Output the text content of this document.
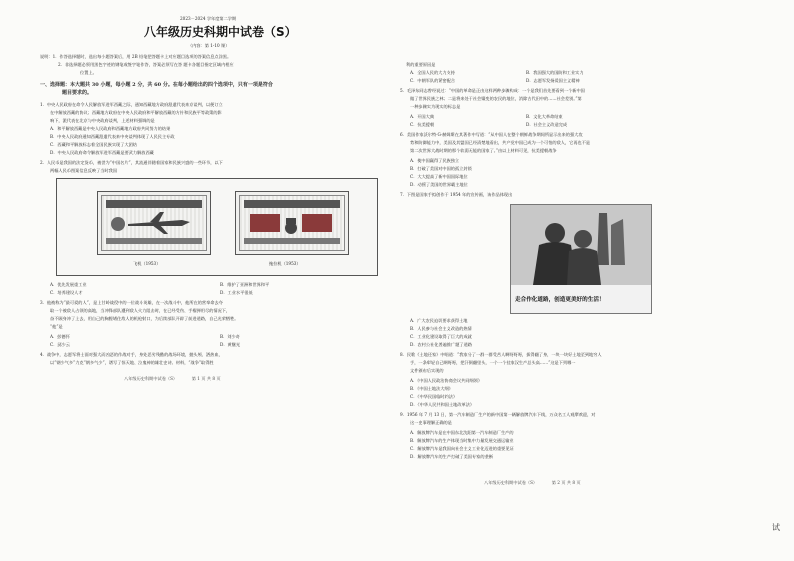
2023－2024 学年度第二学期
八年级历史科期中试卷（S）
（内容：第 1-10 课）
说明：1．作答选择题时，选出每小题答案后，用 2B 铅笔把答题卡上对应题目选项的答案信息点涂黑。
2．非选择题必须用黑色字迹的钢笔或签字笔作答，答案必须写在答 题卡各题目指定区域内相应
位置上。
一、选择题：本大题共 30 小题，每小题 2 分，共 60 分。在每小题给出的四个选项中，只有一项是符合
题目要求的。
1．中央人民政府在命令人民解放军进军西藏之际，通知西藏地方政府派遣代表来京谈判，以便订立
在中解放西藏的协议；西藏地方政府在中央人民政府和平解放西藏的方针和民族平等政策的影
响下，派代表在北京与中央政府谈判，上述材料强调的是
A．和平解放西藏是中央人民政府和西藏地方政府共同努力的结果
B．中央人民政府通知西藏派遣代表来中央谈判体现了人民民主专政
C．西藏和平解放标志着全国民族实现了大团结
D．中央人民政府命令解放军进军西藏是要武力解放西藏
2．人民币是我国的法定货币，被誉为“中国名片”，其流通伴随着国家和民族兴盛的一些环节，以下
两幅人民币图案信息反映了当时我国
飞机（1953）	拖拉机（1953）
A．优先发展重工业	B．维护了亚洲和世界和平
C．培养建设人才	D．工业水平很低
3．他被称为“最可爱的人”，是上甘岭战役中的一位战斗英雄，在一次战斗中，他所在的营奉命去夺
取一个被敌人占领的高地，当冲锋部队遭到敌人火力阻击时，在已经受伤、手榴弹用尽的情况下，
奋不顾身冲了上去，用自己的胸膛堵住敌人的机枪射口，为后续部队开辟了前进道路，自己光荣牺牲。
“他”是
A．彭德怀	B．刘少奇
C．邱少云	D．黄继光
4．战争中，志愿军将士面对强大而凶恶的作战对手，身处恶劣残酷的战场环境，抛头颅、洒热血，
以“钢少气多”力克“钢多气少”，谱写了惊天地、泣鬼神的雄壮史诗。材料，“战争”取得胜
八年级历史科期中试卷（S）　　　　第 1 页 共 8 页
利的重要原因是
A．全国人民的大力支持	B．我国强大的国防和工业实力
C．中朝军队的紧密配合	D．志愿军发扬爱国主义精神
5．毛泽东同志曾经说过：“中国的革命是正由这样两种步骤构成：一个是我们首先要看到一个新中国
做了世界民族之林；二是将来处于社会嬗变的农民的地位，消除古代田中的……社会差别。”第
一种步骤实为现实的标志是
A．开国大典	B．文化大革命结束
C．抗美援朝	D．社会主义改造完成
6．美国作家沃尔特·G·赫姆斯在其著作中写道：“从中国人在整个朝鲜战争期间所显示出来的强大攻
势和防御能力中，美国及其盟国已经清楚地看出，共产党中国已成为一个可怕的敌人，它再也不是
第二次世界大战时期的那个软弱无能的国家了。”由以上材料可见，抗美援朝战争
A．使中国赢得了民族独立
B．打破了美国对中国的孤立封锁
C．大大提高了新中国国际地位
D．动摇了美国的世界霸主地位
7．下图是国家手拟创作于 1954 年的宣传画，该作品体现出
走合作化道路，创造更美好的生活！
A．广大农民迫切要求获得土地
B．人民参与社会主义改造的热情
C．工业化建设取得了巨大的成就
D．农村公社化普遍推广题了道路
8．民歌《土地还家》中唱道：“我家分了一群一群受苦人啊呀呀呀，拔得翻了身，一块一块好土地至到地穷人
手，一条犁轻自己啊呀呀，把汗倒翻里头，一个一个挂家汉生产总头高……”这是下列哪一
文件颁布后实现的
A．《中国人民政治协商会议共同纲领》
B．《中国土地法大纲》
C．《中华民国临时约法》
D．《中华人民共和国土地改革法》
9．1956 年 7 月 13 日，第一汽车制造厂生产的新中国第一辆解放牌汽车下线，万众名工人观摩欢迎，对
这一史事理解正确的是
A．解放牌汽车是在中国东北沈阳第一汽车制造厂生产的
B．解放牌汽车的生产体现当时集中力量发展交通运输业
C．解放牌汽车是我国向社会主义工业化迈进的重要见证
D．解放牌汽车的生产打破了美国专家的垄断
八年级历史科期中试卷（S）　　　　第 2 页 共 8 页
试
